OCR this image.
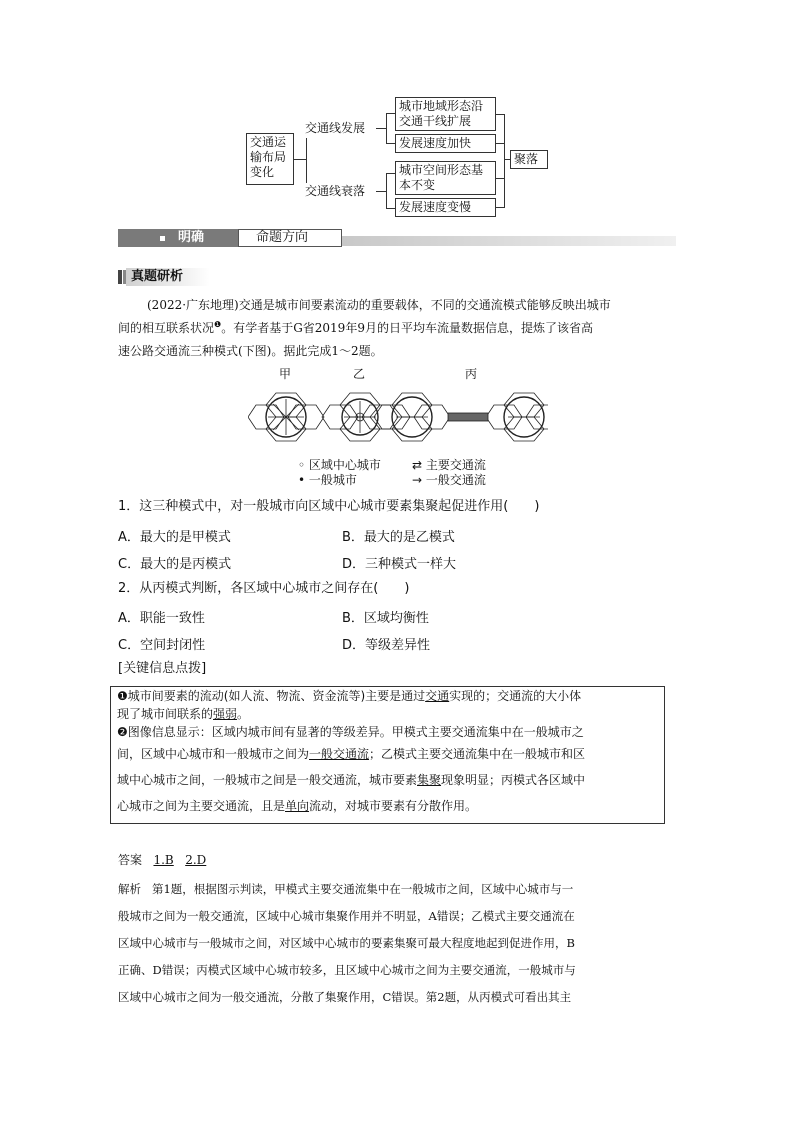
交通运输布局变化
交通线发展
交通线衰落
城市地域形态沿交通干线扩展
发展速度加快
城市空间形态基本不变
发展速度变慢
聚落
明确	命题方向
真题研析
(2022·广东地理)交通是城市间要素流动的重要载体，不同的交通流模式能够反映出城市
间的相互联系状况$^❶$。有学者基于G省2019年9月的日平均车流量数据信息，提炼了该省高
速公路交通流三种模式(下图)。据此完成1～2题。
甲	乙	丙
◦ 区域中心城市
• 一般城市
⇄ 主要交通流
→ 一般交通流
1．这三种模式中，对一般城市向区域中心城市要素集聚起促进作用(　　)
A．最大的是甲模式	B．最大的是乙模式
C．最大的是丙模式	D．三种模式一样大
2．从丙模式判断，各区域中心城市之间存在(　　)
A．职能一致性	B．区域均衡性
C．空间封闭性	D．等级差异性
[关键信息点拨]
❶城市间要素的流动(如人流、物流、资金流等)主要是通过交通实现的；交通流的大小体
现了城市间联系的强弱。
❷图像信息显示：区域内城市间有显著的等级差异。甲模式主要交通流集中在一般城市之
间，区域中心城市和一般城市之间为一般交通流；乙模式主要交通流集中在一般城市和区
域中心城市之间，一般城市之间是一般交通流，城市要素集聚现象明显；丙模式各区域中
心城市之间为主要交通流，且是单向流动，对城市要素有分散作用。
答案 1.B 2.D
解析 第1题，根据图示判读，甲模式主要交通流集中在一般城市之间，区域中心城市与一
般城市之间为一般交通流，区域中心城市集聚作用并不明显，A错误；乙模式主要交通流在
区域中心城市与一般城市之间，对区域中心城市的要素集聚可最大程度地起到促进作用，B
正确、D错误；丙模式区域中心城市较多，且区域中心城市之间为主要交通流，一般城市与
区域中心城市之间为一般交通流，分散了集聚作用，C错误。第2题，从丙模式可看出其主
